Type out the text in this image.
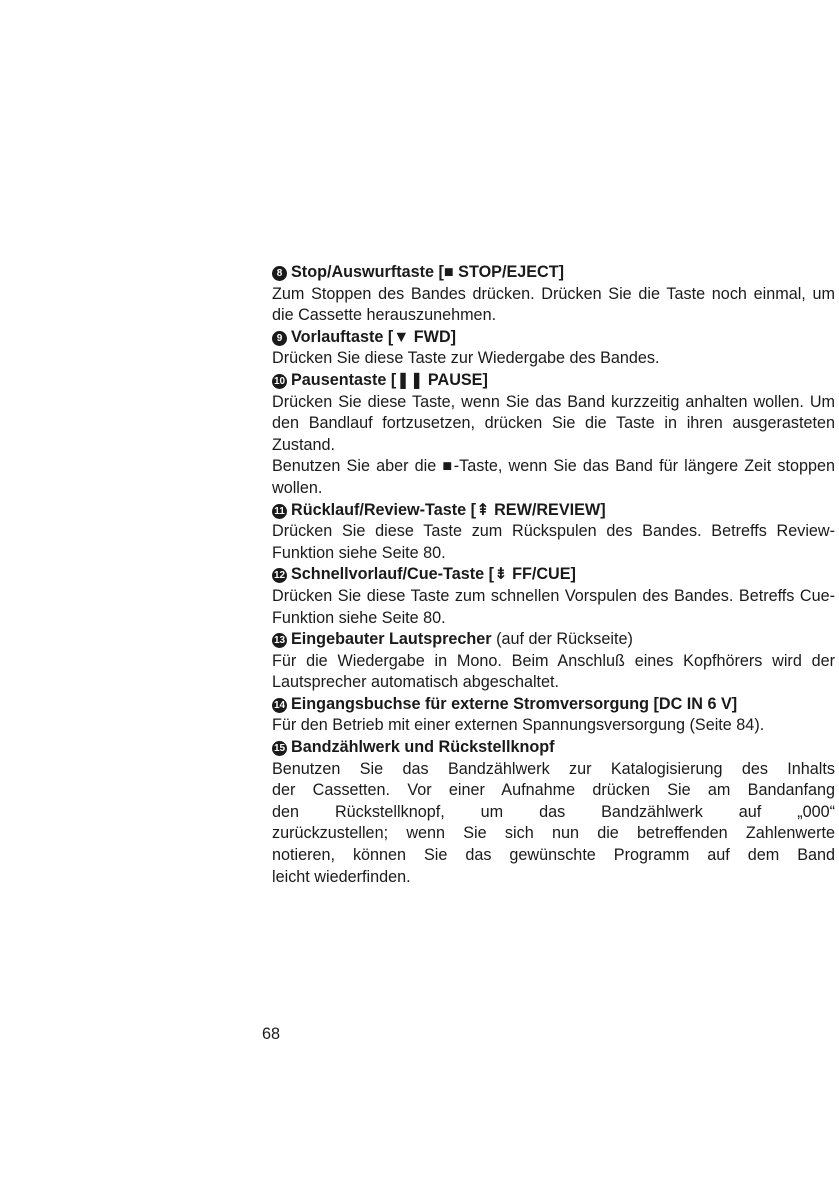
8 Stop/Auswurftaste [■ STOP/EJECT]
Zum Stoppen des Bandes drücken. Drücken Sie die Taste noch einmal, um die Cassette herauszunehmen.
9 Vorlauftaste [▼ FWD]
Drücken Sie diese Taste zur Wiedergabe des Bandes.
10 Pausentaste [❚❚ PAUSE]
Drücken Sie diese Taste, wenn Sie das Band kurzzeitig anhalten wollen. Um den Bandlauf fortzusetzen, drücken Sie die Taste in ihren ausgerasteten Zustand.
Benutzen Sie aber die ■-Taste, wenn Sie das Band für längere Zeit stoppen wollen.
11 Rücklauf/Review-Taste [⇞ REW/REVIEW]
Drücken Sie diese Taste zum Rückspulen des Bandes. Betreffs Review-Funktion siehe Seite 80.
12 Schnellvorlauf/Cue-Taste [⇟ FF/CUE]
Drücken Sie diese Taste zum schnellen Vorspulen des Bandes. Betreffs Cue-Funktion siehe Seite 80.
13 Eingebauter Lautsprecher (auf der Rückseite)
Für die Wiedergabe in Mono. Beim Anschluß eines Kopfhörers wird der Lautsprecher automatisch abgeschaltet.
14 Eingangsbuchse für externe Stromversorgung [DC IN 6 V]
Für den Betrieb mit einer externen Spannungsversorgung (Seite 84).
15 Bandzählwerk und Rückstellknopf
Benutzen Sie das Bandzählwerk zur Katalogisierung des Inhalts
der Cassetten. Vor einer Aufnahme drücken Sie am Bandanfang
den Rückstellknopf, um das Bandzählwerk auf „000“
zurückzustellen; wenn Sie sich nun die betreffenden Zahlenwerte
notieren, können Sie das gewünschte Programm auf dem Band
leicht wiederfinden.
68
